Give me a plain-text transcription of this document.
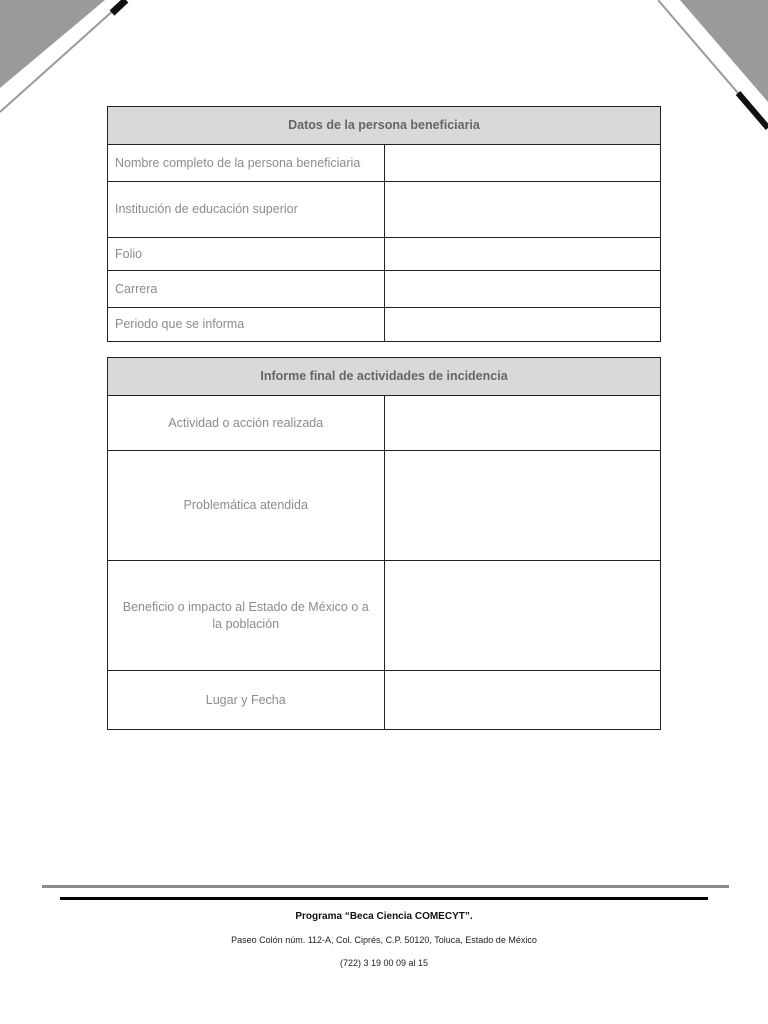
Datos de la persona beneficiaria	
Nombre completo de la persona beneficiaria	
Institución de educación superior	
Folio	
Carrera	
Periodo que se informa	
Informe final de actividades de incidencia	
Actividad o acción realizada	
Problemática atendida	
Beneficio o impacto al Estado de México o a la población	
Lugar y Fecha	
Programa “Beca Ciencia COMECYT”.
Paseo Colón núm. 112-A, Col. Ciprés, C.P. 50120, Toluca, Estado de México
(722) 3 19 00 09 al 15
